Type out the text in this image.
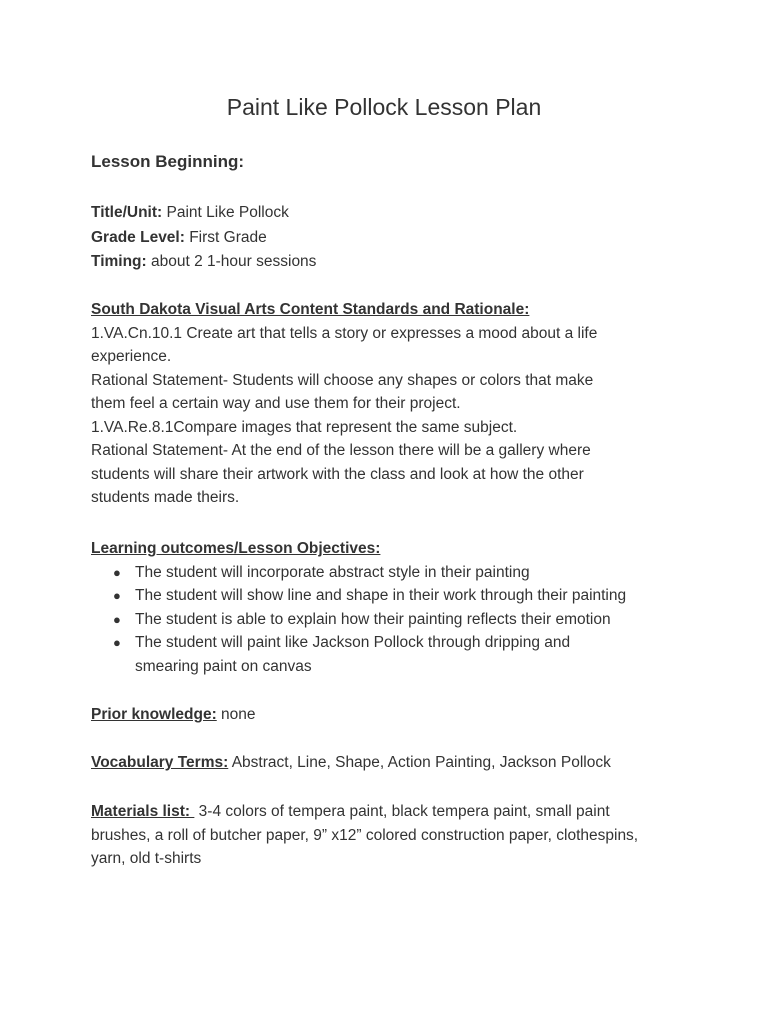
Paint Like Pollock Lesson Plan
Lesson Beginning:
Title/Unit: Paint Like Pollock
Grade Level: First Grade
Timing: about 2 1-hour sessions
South Dakota Visual Arts Content Standards and Rationale:
1.VA.Cn.10.1 Create art that tells a story or expresses a mood about a life
experience.
Rational Statement- Students will choose any shapes or colors that make
them feel a certain way and use them for their project.
1.VA.Re.8.1Compare images that represent the same subject.
Rational Statement- At the end of the lesson there will be a gallery where
students will share their artwork with the class and look at how the other
students made theirs.
Learning outcomes/Lesson Objectives:
● The student will incorporate abstract style in their painting
● The student will show line and shape in their work through their painting
● The student is able to explain how their painting reflects their emotion
● The student will paint like Jackson Pollock through dripping and smearing paint on canvas
Prior knowledge: none
Vocabulary Terms: Abstract, Line, Shape, Action Painting, Jackson Pollock
Materials list:  3-4 colors of tempera paint, black tempera paint, small paint brushes, a roll of butcher paper, 9” x12” colored construction paper, clothespins, yarn, old t-shirts
